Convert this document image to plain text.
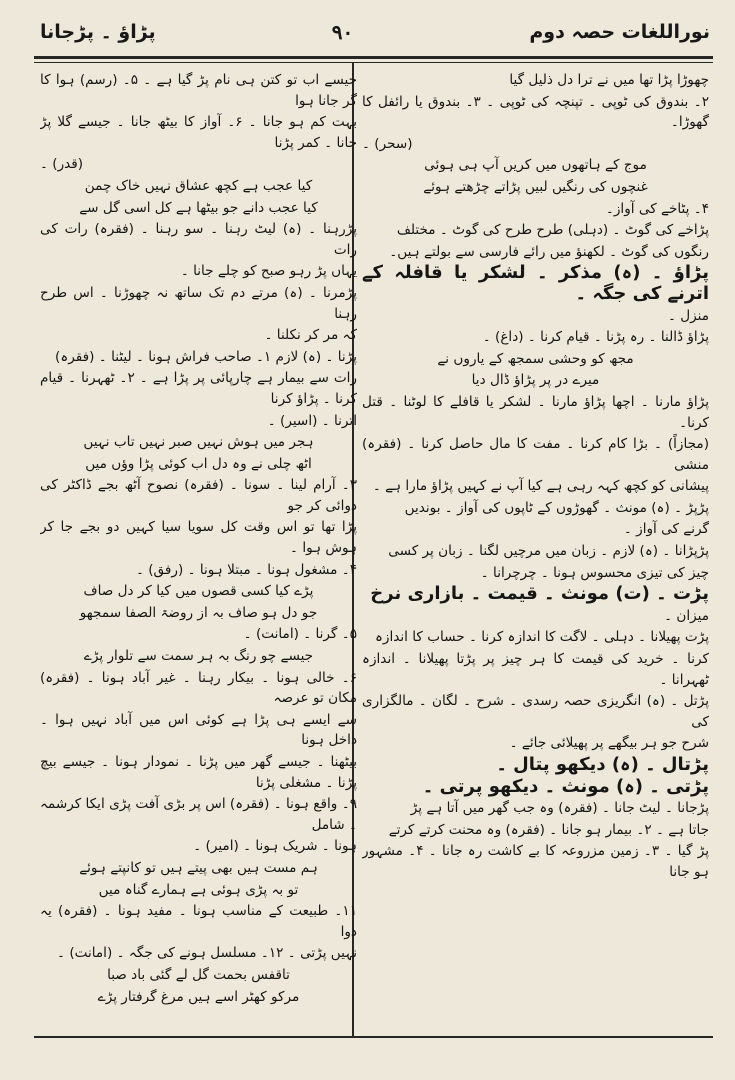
پڑاؤ ۔ پڑجانا	۹۰	نوراللغات حصہ دوم

چھوڑا پڑا تھا میں نے ترا دل ذلیل گیا

۲۔ بندوق کی ٹوپی ۔ تپنچہ کی ٹوپی ۔ ۳۔ بندوق یا رائفل کا گھوڑا۔

(سحر) ۔

موج کے ہاتھوں میں کریں آپ ہی ہوئی

غنچوں کی رنگیں لبیں پڑاتے چڑھتے ہوئے

۴۔ پٹاخے کی آواز۔

پڑاخے کی گوٹ ۔ (دہلی) طرح طرح کی گوٹ ۔ مختلف

رنگوں کی گوٹ ۔ لکھنؤ میں رائے فارسی سے بولتے ہیں۔

پڑاؤ ۔ (ہ) مذکر ۔ لشکر یا قافلہ کے اترنے کی جگہ ۔

منزل ۔

پڑاؤ ڈالنا ۔ رہ پڑنا ۔ قیام کرنا ۔ (داغ) ۔

مجھ کو وحشی سمجھ کے یاروں نے

میرے در پر پڑاؤ ڈال دیا

پڑاؤ مارنا ۔ اچھا پڑاؤ مارنا ۔ لشکر یا قافلے کا لوٹنا ۔ قتل کرنا۔

(مجازاً) ۔ بڑا کام کرنا ۔ مفت کا مال حاصل کرنا ۔ (فقرہ) منشی

پیشانی کو کچھ کہہ رہی ہے کیا آپ نے کہیں پڑاؤ مارا ہے ۔

پڑپڑ ۔ (ہ) مونث ۔ گھوڑوں کے ٹاپوں کی آواز ۔ بوندیں

گرنے کی آواز ۔

پڑپڑانا ۔ (ہ) لازم ۔ زبان میں مرچیں لگنا ۔ زبان پر کسی

چیز کی تیزی محسوس ہونا ۔ چرچرانا ۔

پڑت ۔ (ت) مونث ۔ قیمت ۔ بازاری نرخ

میزان ۔

پڑت پھیلانا ۔ دہلی ۔ لاگت کا اندازہ کرنا ۔ حساب کا اندازہ

کرنا ۔ خرید کی قیمت کا ہر چیز پر پڑتا پھیلانا ۔ اندازہ ٹھہرانا ۔

پڑتل ۔ (ہ) انگریزی حصہ رسدی ۔ شرح ۔ لگان ۔ مالگزاری کی

شرح جو ہر بیگھے پر پھیلائی جائے ۔

پڑتال ۔ (ہ) دیکھو پتال ۔

پڑتی ۔ (ہ) مونث ۔ دیکھو پرتی ۔

پڑجانا ۔ لیٹ جانا ۔ (فقرہ) وہ جب گھر میں آتا ہے پڑ

جاتا ہے ۔ ۲۔ بیمار ہو جانا ۔ (فقرہ) وہ محنت کرتے کرتے

پڑ گیا ۔ ۳۔ زمین مزروعہ کا بے کاشت رہ جانا ۔ ۴۔ مشہور ہو جانا

جیسے اب تو کتن ہی نام پڑ گیا ہے ۔ ۵۔ (رسم) ہوا کا گر جانا ہوا

بہت کم ہو جانا ۔ ۶۔ آواز کا بیٹھ جانا ۔ جیسے گلا پڑ جانا ۔ کمر پڑنا

(قدر) ۔

کیا عجب ہے کچھ عشاق نہیں خاک چمن

کیا عجب دانے جو بیٹھا ہے کل اسی گل سے

پڑرہنا ۔ (ہ) لیٹ رہنا ۔ سو رہنا ۔ (فقرہ) رات کی رات

یہاں پڑ رہو صبح کو چلے جانا ۔

پڑمرنا ۔ (ہ) مرتے دم تک ساتھ نہ چھوڑنا ۔ اس طرح رہنا

کہ مر کر نکلنا ۔

پڑنا ۔ (ہ) لازم ۱۔ صاحب فراش ہونا ۔ لیٹنا ۔ (فقرہ)

رات سے بیمار ہے چارپائی پر پڑا ہے ۔ ۲۔ ٹھہرنا ۔ قیام کرنا ۔ پڑاؤ کرنا

اترنا ۔ (اسیر) ۔

ہجر میں ہوش نہیں صبر نہیں تاب نہیں

اٹھ چلی نے وہ دل اب کوئی پڑا وؤں میں

۳۔ آرام لینا ۔ سونا ۔ (فقرہ) نصوح آٹھ بجے ڈاکٹر کی دوائی کر جو

پڑا تھا تو اس وقت کل سویا سیا کہیں دو بجے جا کر ہوش ہوا ۔

۴۔ مشغول ہونا ۔ مبتلا ہونا ۔ (رفق) ۔

پڑے کیا کسی قصوں میں کیا کر دل صاف

جو دل ہو صاف بہ از روضۃ الصفا سمجھو

۵۔ گرنا ۔ (امانت) ۔

جیسے چو رنگ بہ ہر سمت سے تلوار پڑے

۶۔ خالی ہونا ۔ بیکار رہنا ۔ غیر آباد ہونا ۔ (فقرہ) مکان تو عرصہ

سے ایسے ہی پڑا ہے کوئی اس میں آباد نہیں ہوا ۔ داخل ہونا

بیٹھنا ۔ جیسے گھر میں پڑنا ۔ نمودار ہونا ۔ جیسے بیچ پڑنا ۔ مشغلی پڑنا

۹۔ واقع ہونا ۔ (فقرہ) اس پر بڑی آفت پڑی ایکا کرشمہ ۔ شامل

ہونا ۔ شریک ہونا ۔ (امیر) ۔

ہم مست ہیں بھی پیتے ہیں تو کانپتے ہوئے

تو بہ پڑی ہوئی ہے ہمارے گناہ میں

۱۱۔ طبیعت کے مناسب ہونا ۔ مفید ہونا ۔ (فقرہ) یہ دوا

نہیں پڑتی ۔ ۱۲۔ مسلسل ہونے کی جگہ ۔ (امانت) ۔

تاقفس بحمت گل لے گئی باد صبا

مرکو کھٹر اسے ہیں مرغ گرفتار پڑے
